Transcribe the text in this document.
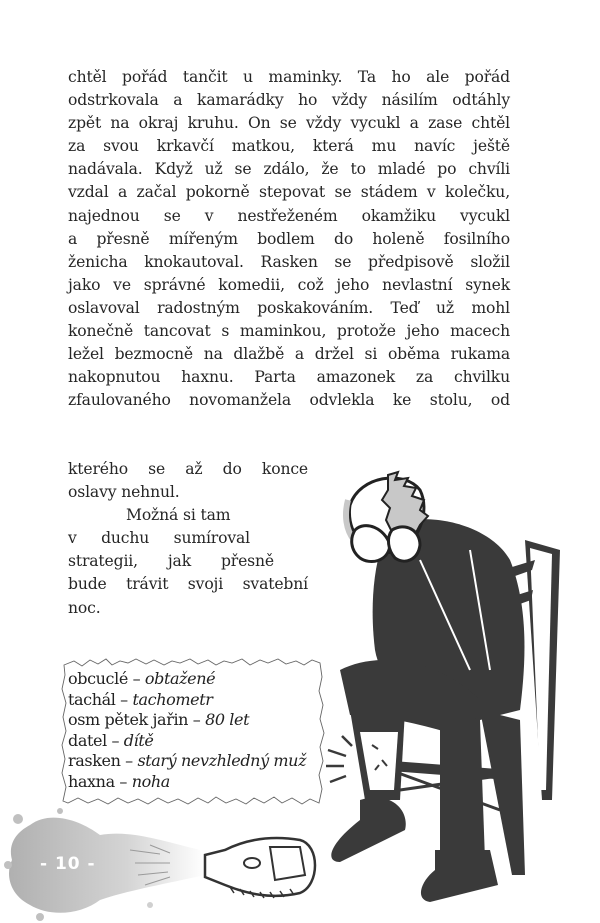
chtěl pořád tančit u maminky. Ta ho ale pořád
odstrkovala a kamarádky ho vždy násilím odtáhly
zpět na okraj kruhu. On se vždy vycukl a zase chtěl
za svou krkavčí matkou, která mu navíc ještě
nadávala. Když už se zdálo, že to mladé po chvíli
vzdal a začal pokorně stepovat se stádem v kolečku,
najednou se v nestřeženém okamžiku vycukl
a přesně mířeným bodlem do holeně fosilního
ženicha knokautoval. Rasken se předpisově složil
jako ve správné komedii, což jeho nevlastní synek
oslavoval radostným poskakováním. Teď už mohl
konečně tancovat s maminkou, protože jeho macech
ležel bezmocně na dlažbě a držel si oběma rukama
nakopnutou haxnu. Parta amazonek za chvilku
zfaulovaného novomanžela odvlekla ke stolu, od
kterého se až do konce
oslavy nehnul.
Možná si tam
v duchu sumíroval
strategii, jak přesně
bude trávit svoji svatební
noc.
obcuclé – obtažené
tachál – tachometr
osm pětek jařin – 80 let
datel – dítě
rasken – starý nevzhledný muž
haxna – noha
- 10 -
